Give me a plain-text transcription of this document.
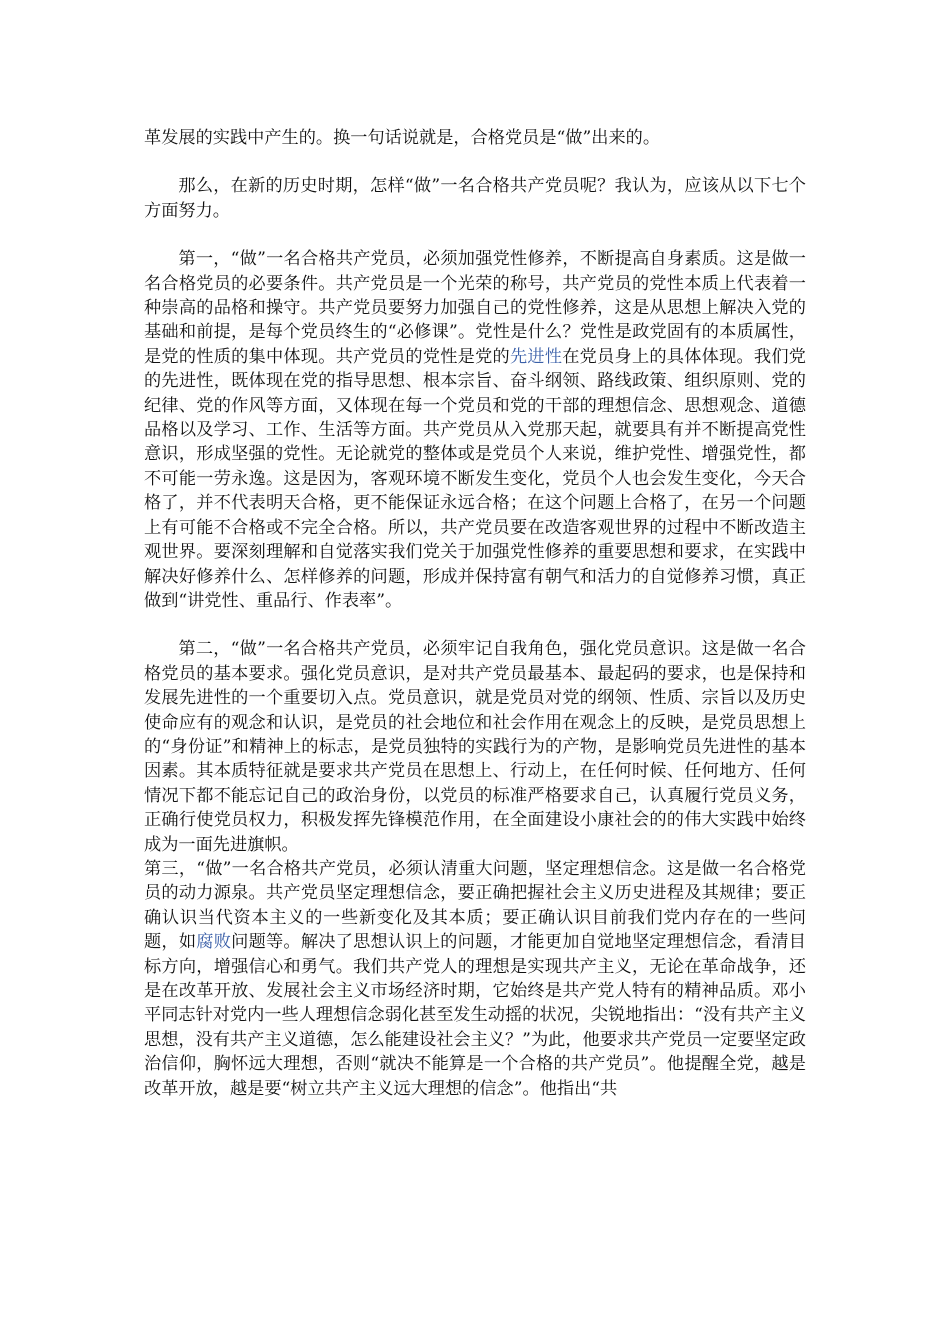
革发展的实践中产生的。换一句话说就是，合格党员是“做”出来的。

那么，在新的历史时期，怎样“做”一名合格共产党员呢？我认为，应该从以下七个方面努力。

第一，“做”一名合格共产党员，必须加强党性修养，不断提高自身素质。这是做一名合格党员的必要条件。共产党员是一个光荣的称号，共产党员的党性本质上代表着一种崇高的品格和操守。共产党员要努力加强自己的党性修养，这是从思想上解决入党的基础和前提，是每个党员终生的“必修课”。党性是什么？党性是政党固有的本质属性，是党的性质的集中体现。共产党员的党性是党的先进性在党员身上的具体体现。我们党的先进性，既体现在党的指导思想、根本宗旨、奋斗纲领、路线政策、组织原则、党的纪律、党的作风等方面，又体现在每一个党员和党的干部的理想信念、思想观念、道德品格以及学习、工作、生活等方面。共产党员从入党那天起，就要具有并不断提高党性意识，形成坚强的党性。无论就党的整体或是党员个人来说，维护党性、增强党性，都不可能一劳永逸。这是因为，客观环境不断发生变化，党员个人也会发生变化，今天合格了，并不代表明天合格，更不能保证永远合格；在这个问题上合格了，在另一个问题上有可能不合格或不完全合格。所以，共产党员要在改造客观世界的过程中不断改造主观世界。要深刻理解和自觉落实我们党关于加强党性修养的重要思想和要求，在实践中解决好修养什么、怎样修养的问题，形成并保持富有朝气和活力的自觉修养习惯，真正做到“讲党性、重品行、作表率”。

第二，“做”一名合格共产党员，必须牢记自我角色，强化党员意识。这是做一名合格党员的基本要求。强化党员意识，是对共产党员最基本、最起码的要求，也是保持和发展先进性的一个重要切入点。党员意识，就是党员对党的纲领、性质、宗旨以及历史使命应有的观念和认识，是党员的社会地位和社会作用在观念上的反映，是党员思想上的“身份证”和精神上的标志，是党员独特的实践行为的产物，是影响党员先进性的基本因素。其本质特征就是要求共产党员在思想上、行动上，在任何时候、任何地方、任何情况下都不能忘记自己的政治身份，以党员的标准严格要求自己，认真履行党员义务，正确行使党员权力，积极发挥先锋模范作用，在全面建设小康社会的的伟大实践中始终成为一面先进旗帜。

第三，“做”一名合格共产党员，必须认清重大问题，坚定理想信念。这是做一名合格党员的动力源泉。共产党员坚定理想信念，要正确把握社会主义历史进程及其规律；要正确认识当代资本主义的一些新变化及其本质；要正确认识目前我们党内存在的一些问题，如腐败问题等。解决了思想认识上的问题，才能更加自觉地坚定理想信念，看清目标方向，增强信心和勇气。我们共产党人的理想是实现共产主义，无论在革命战争，还是在改革开放、发展社会主义市场经济时期，它始终是共产党人特有的精神品质。邓小平同志针对党内一些人理想信念弱化甚至发生动摇的状况，尖锐地指出：“没有共产主义思想，没有共产主义道德，怎么能建设社会主义？”为此，他要求共产党员一定要坚定政治信仰，胸怀远大理想，否则“就决不能算是一个合格的共产党员”。他提醒全党，越是改革开放，越是要“树立共产主义远大理想的信念”。他指出“共
